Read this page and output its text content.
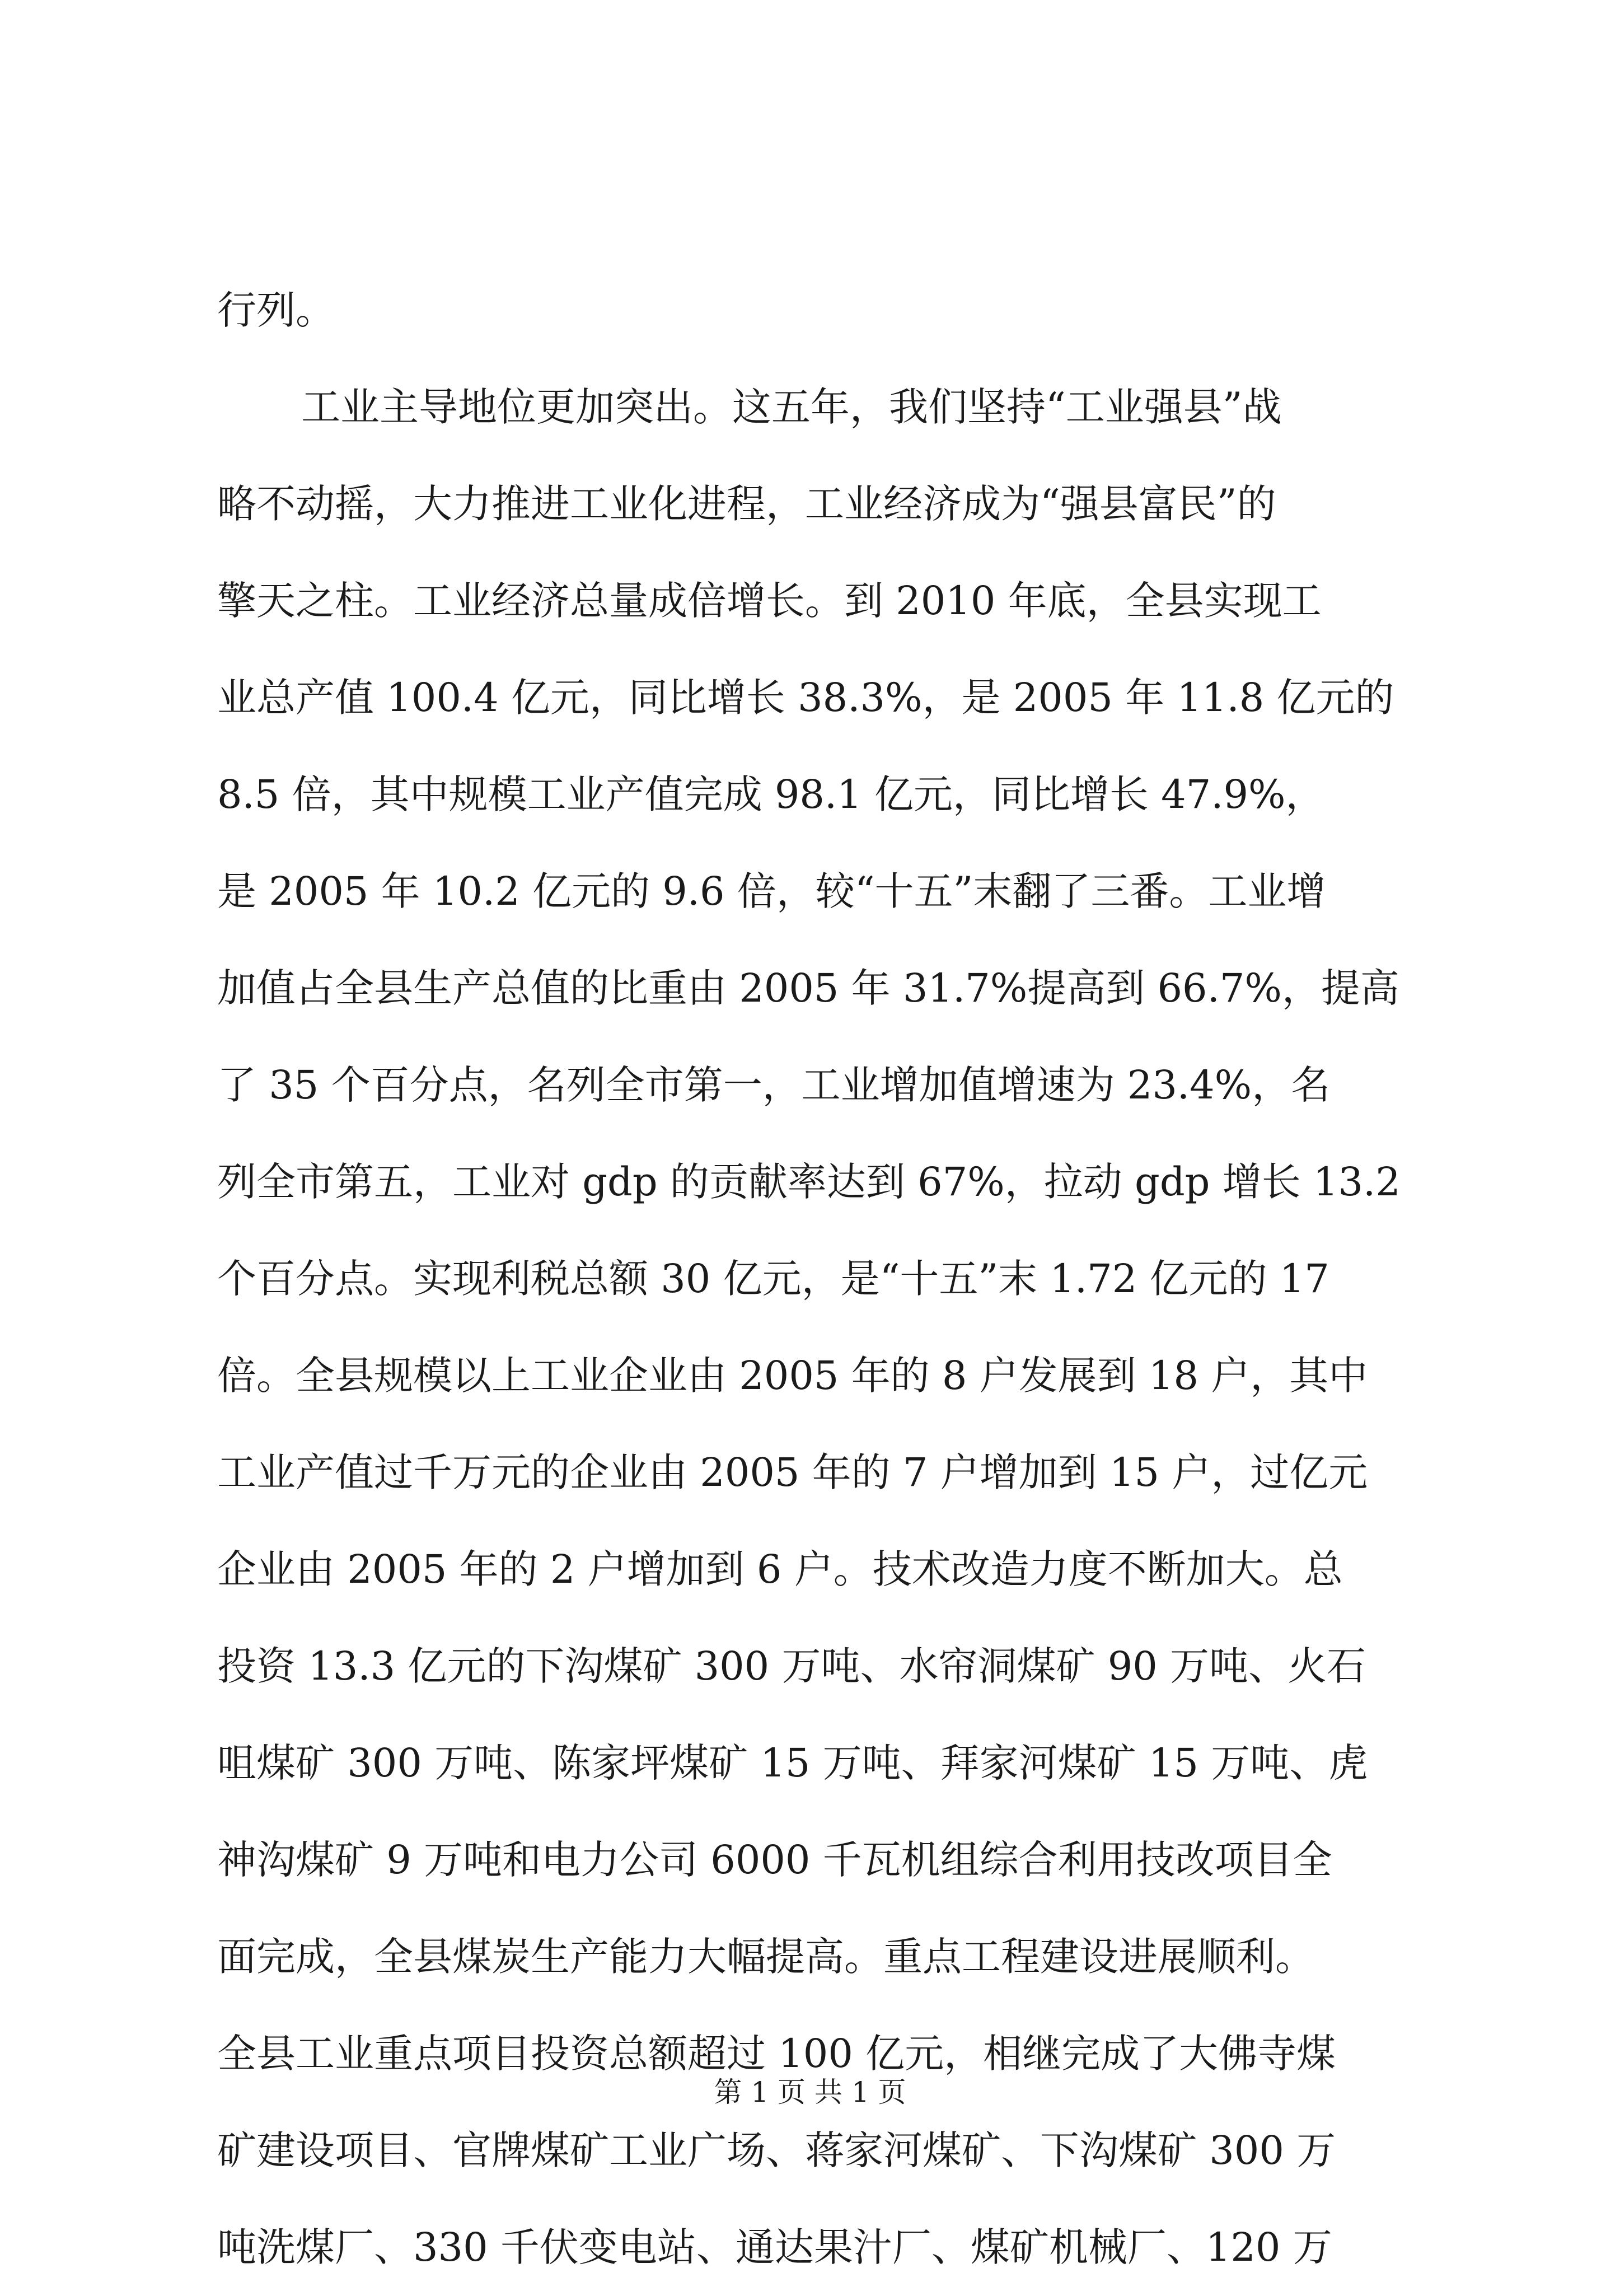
行列。
工业主导地位更加突出。这五年，我们坚持“工业强县”战
略不动摇，大力推进工业化进程，工业经济成为“强县富民”的
擎天之柱。工业经济总量成倍增长。到 2010 年底，全县实现工
业总产值 100.4 亿元，同比增长 38.3%，是 2005 年 11.8 亿元的
8.5 倍，其中规模工业产值完成 98.1 亿元，同比增长 47.9%，
是 2005 年 10.2 亿元的 9.6 倍，较“十五”末翻了三番。工业增
加值占全县生产总值的比重由 2005 年 31.7%提高到 66.7%，提高
了 35 个百分点，名列全市第一，工业增加值增速为 23.4%，名
列全市第五，工业对 gdp 的贡献率达到 67%，拉动 gdp 增长 13.2
个百分点。实现利税总额 30 亿元，是“十五”末 1.72 亿元的 17
倍。全县规模以上工业企业由 2005 年的 8 户发展到 18 户，其中
工业产值过千万元的企业由 2005 年的 7 户增加到 15 户，过亿元
企业由 2005 年的 2 户增加到 6 户。技术改造力度不断加大。总
投资 13.3 亿元的下沟煤矿 300 万吨、水帘洞煤矿 90 万吨、火石
咀煤矿 300 万吨、陈家坪煤矿 15 万吨、拜家河煤矿 15 万吨、虎
神沟煤矿 9 万吨和电力公司 6000 千瓦机组综合利用技改项目全
面完成，全县煤炭生产能力大幅提高。重点工程建设进展顺利。
全县工业重点项目投资总额超过 100 亿元，相继完成了大佛寺煤
矿建设项目、官牌煤矿工业广场、蒋家河煤矿、下沟煤矿 300 万
吨洗煤厂、330 千伏变电站、通达果汁厂、煤矿机械厂、120 万
第 1 页 共 1 页
